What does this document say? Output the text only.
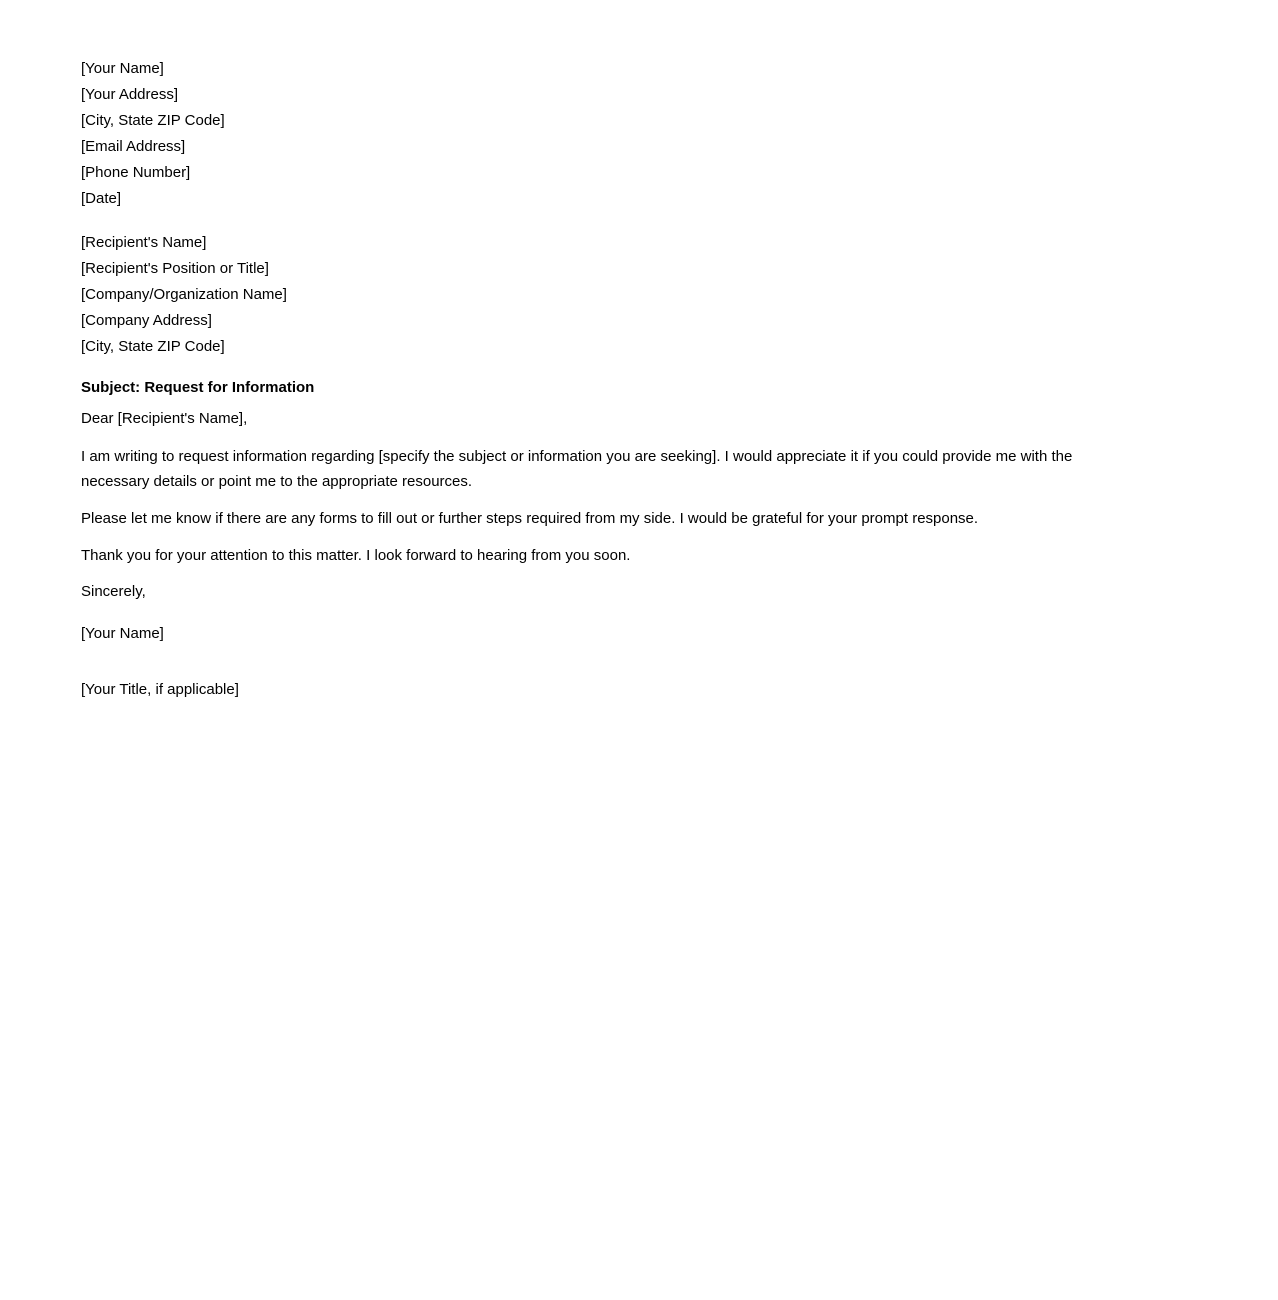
[Your Name]
[Your Address]
[City, State ZIP Code]
[Email Address]
[Phone Number]
[Date]
[Recipient's Name]
[Recipient's Position or Title]
[Company/Organization Name]
[Company Address]
[City, State ZIP Code]

Subject: Request for Information

Dear [Recipient's Name],

I am writing to request information regarding [specify the subject or information you are seeking]. I would appreciate it if you could provide me with the necessary details or point me to the appropriate resources.

Please let me know if there are any forms to fill out or further steps required from my side. I would be grateful for your prompt response.

Thank you for your attention to this matter. I look forward to hearing from you soon.

Sincerely,

[Your Name]

[Your Title, if applicable]
